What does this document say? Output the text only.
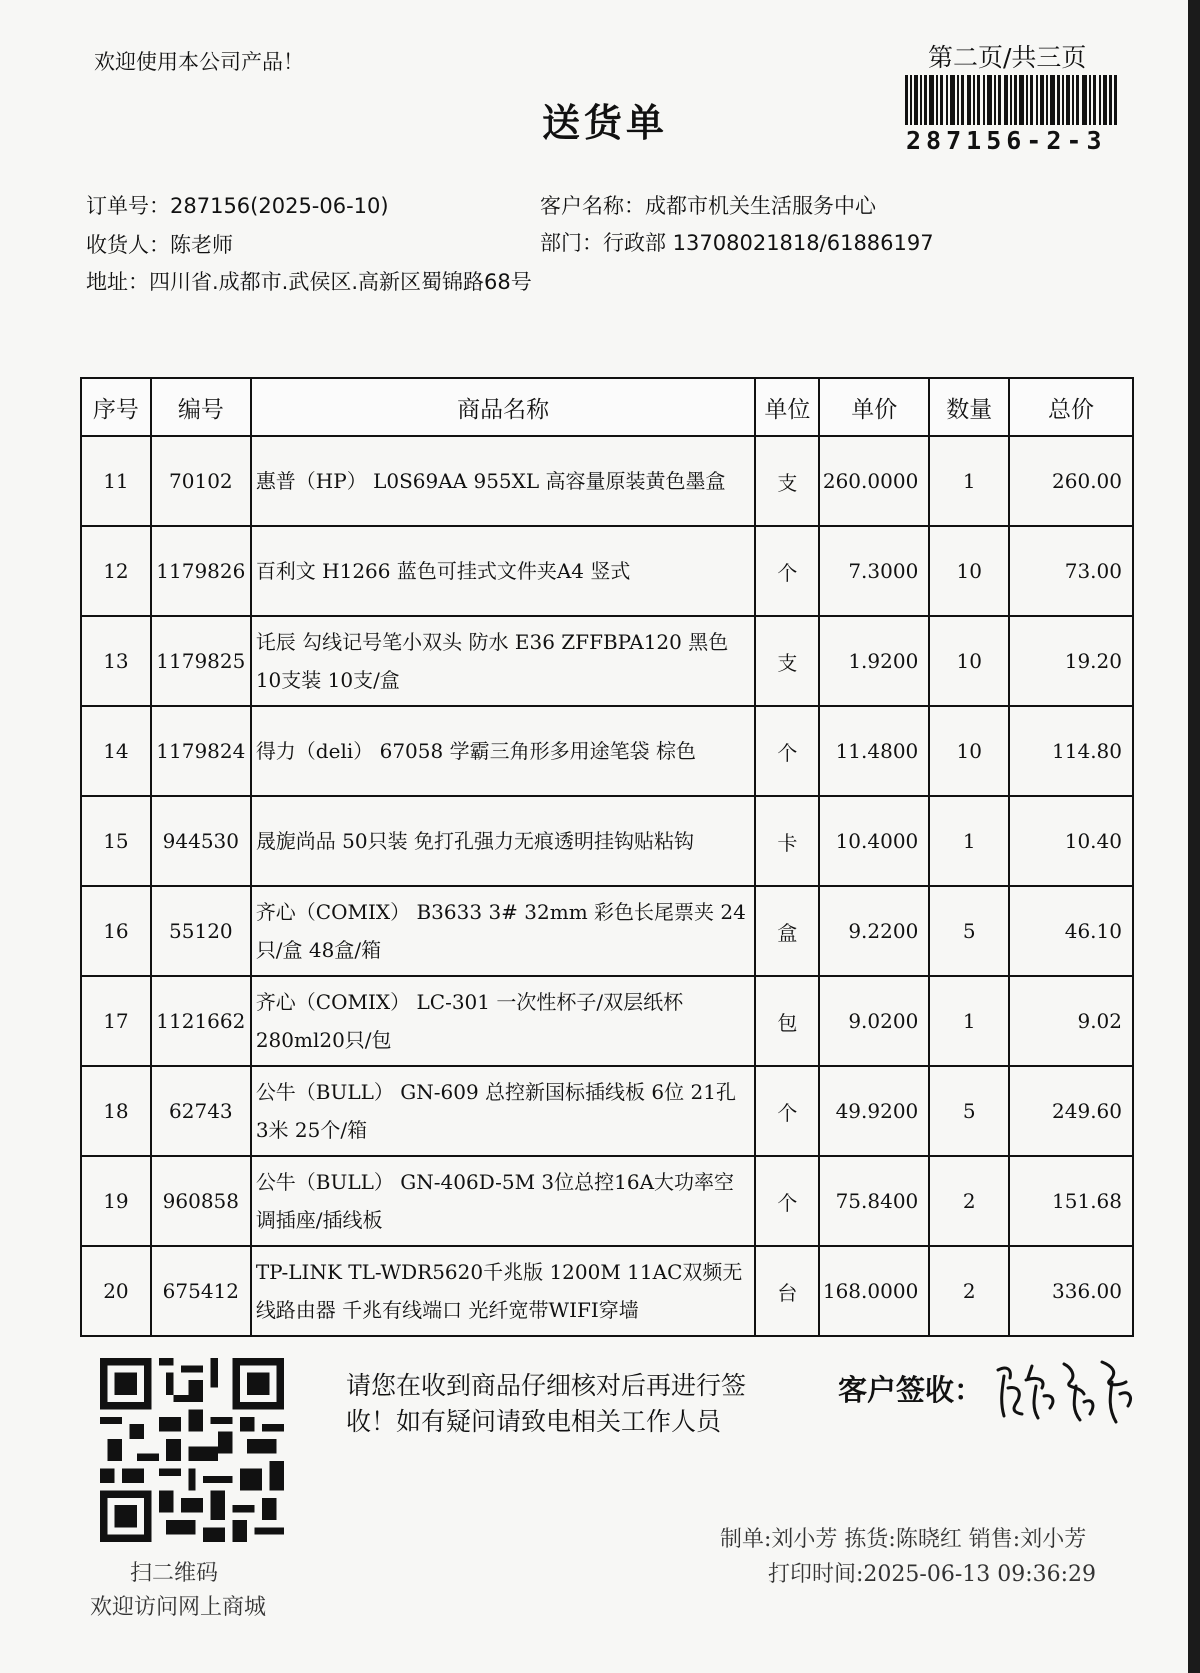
欢迎使用本公司产品！	第二页/共三页
287156-2-3
送货单
订单号：287156(2025-06-10)	客户名称：成都市机关生活服务中心
收货人：陈老师	部门：行政部 13708021818/61886197
地址：四川省.成都市.武侯区.高新区蜀锦路68号
序号	编号	商品名称	单位	单价	数量	总价
11	70102	惠普（HP） L0S69AA 955XL 高容量原装黄色墨盒	支	260.0000	1	260.00
12	1179826	百利文 H1266 蓝色可挂式文件夹A4 竖式	个	7.3000	10	73.00
13	1179825	讬辰 勾线记号笔小双头 防水 E36 ZFFBPA120 黑色10支装 10支/盒	支	1.9200	10	19.20
14	1179824	得力（deli） 67058 学霸三角形多用途笔袋 棕色	个	11.4800	10	114.80
15	944530	晟旎尚品 50只装 免打孔强力无痕透明挂钩贴粘钩	卡	10.4000	1	10.40
16	55120	齐心（COMIX） B3633 3# 32mm 彩色长尾票夹 24只/盒 48盒/箱	盒	9.2200	5	46.10
17	1121662	齐心（COMIX） LC-301 一次性杯子/双层纸杯 280ml20只/包	包	9.0200	1	9.02
18	62743	公牛（BULL） GN-609 总控新国标插线板 6位 21孔 3米 25个/箱	个	49.9200	5	249.60
19	960858	公牛（BULL） GN-406D-5M 3位总控16A大功率空调插座/插线板	个	75.8400	2	151.68
20	675412	TP-LINK TL-WDR5620千兆版 1200M 11AC双频无线路由器 千兆有线端口 光纤宽带WIFI穿墙	台	168.0000	2	336.00
扫二维码
欢迎访问网上商城
请您在收到商品仔细核对后再进行签收！如有疑问请致电相关工作人员
客户签收：
制单:刘小芳 拣货:陈晓红 销售:刘小芳
打印时间:2025-06-13 09:36:29
